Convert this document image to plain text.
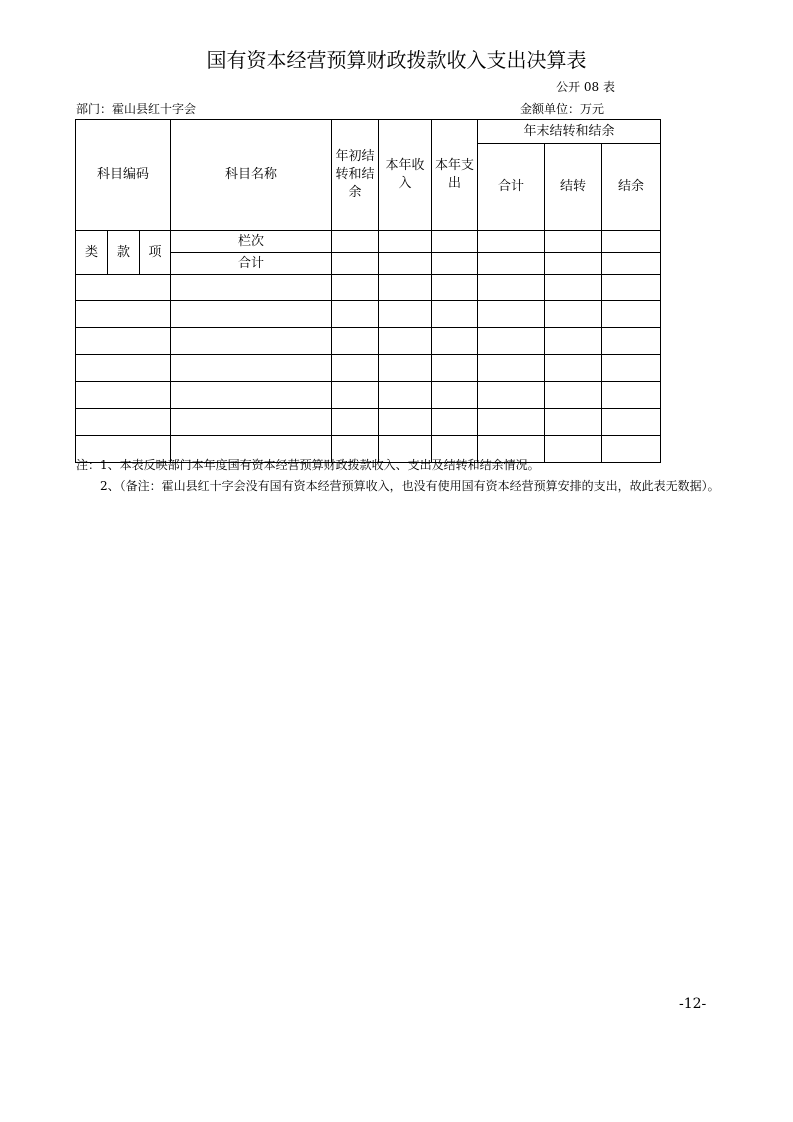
国有资本经营预算财政拨款收入支出决算表
公开 08 表
部门：霍山县红十字会	金额单位：万元
科目编码			科目名称	年初结转和结余	本年收入	本年支出	年末结转和结余		
							合计	结转	结余
类	款	项	栏次						
			合计						

注：1、本表反映部门本年度国有资本经营预算财政拨款收入、支出及结转和结余情况。

2、（备注：霍山县红十字会没有国有资本经营预算收入，也没有使用国有资本经营预算安排的支出，故此表无数据）。

-12-
